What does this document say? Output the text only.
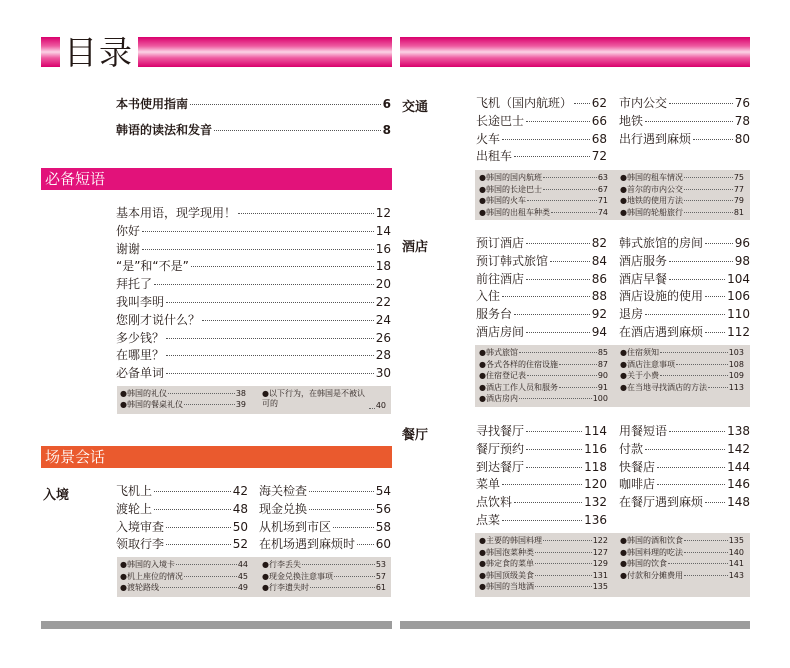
目录
本书使用指南	6
韩语的读法和发音	8
必备短语
基本用语，现学现用！	12
你好	14
谢谢	16
“是”和“不是”	18
拜托了	20
我叫李明	22
您刚才说什么？	24
多少钱？	26
在哪里？	28
必备单词	30
●韩国的礼仪	38
●韩国的餐桌礼仪	39
●以下行为，在韩国是不被认可的	40
场景会话
入境	飞机上	42
渡轮上	48
入境审查	50
领取行李	52
海关检查	54
现金兑换	56
从机场到市区	58
在机场遇到麻烦时 60
●韩国的入境卡	44
●机上座位的情况	45
●渡轮路线	49
●行李丢失	53
●现金兑换注意事项	57
●行李遗失时	61
交通	飞机（国内航班） 62
长途巴士	66
火车	68
出租车	72
市内公交	76
地铁	78
出行遇到麻烦	80
●韩国的国内航班	63
●韩国的长途巴士	67
●韩国的火车	71
●韩国的出租车种类	74
●韩国的租车情况	75
●首尔的市内公交	77
●地铁的使用方法	79
●韩国的轮船旅行	81
酒店	预订酒店	82
预订韩式旅馆	84
前往酒店	86
入住	88
服务台	92
酒店房间	94
韩式旅馆的房间	96
酒店服务	98
酒店早餐	104
酒店设施的使用 106
退房	110
在酒店遇到麻烦 112
●韩式旅馆	85
●各式各样的住宿设施	87
●住宿登记表	90
●酒店工作人员和服务	91
●酒店房内	100
●住宿须知	103
●酒店注意事项	108
●关于小费	109
●在当地寻找酒店的方法	113
餐厅	寻找餐厅	114
餐厅预约	116
到达餐厅	118
菜单	120
点饮料	132
点菜	136
用餐短语	138
付款	142
快餐店	144
咖啡店	146
在餐厅遇到麻烦 148
●主要的韩国料理	122
●韩国泡菜种类	127
●韩定食的菜单	129
●韩国顶级美食	131
●韩国的当地酒	135
●韩国的酒和饮食	135
●韩国料理的吃法	140
●韩国的饮食	141
●付款和分摊费用	143
